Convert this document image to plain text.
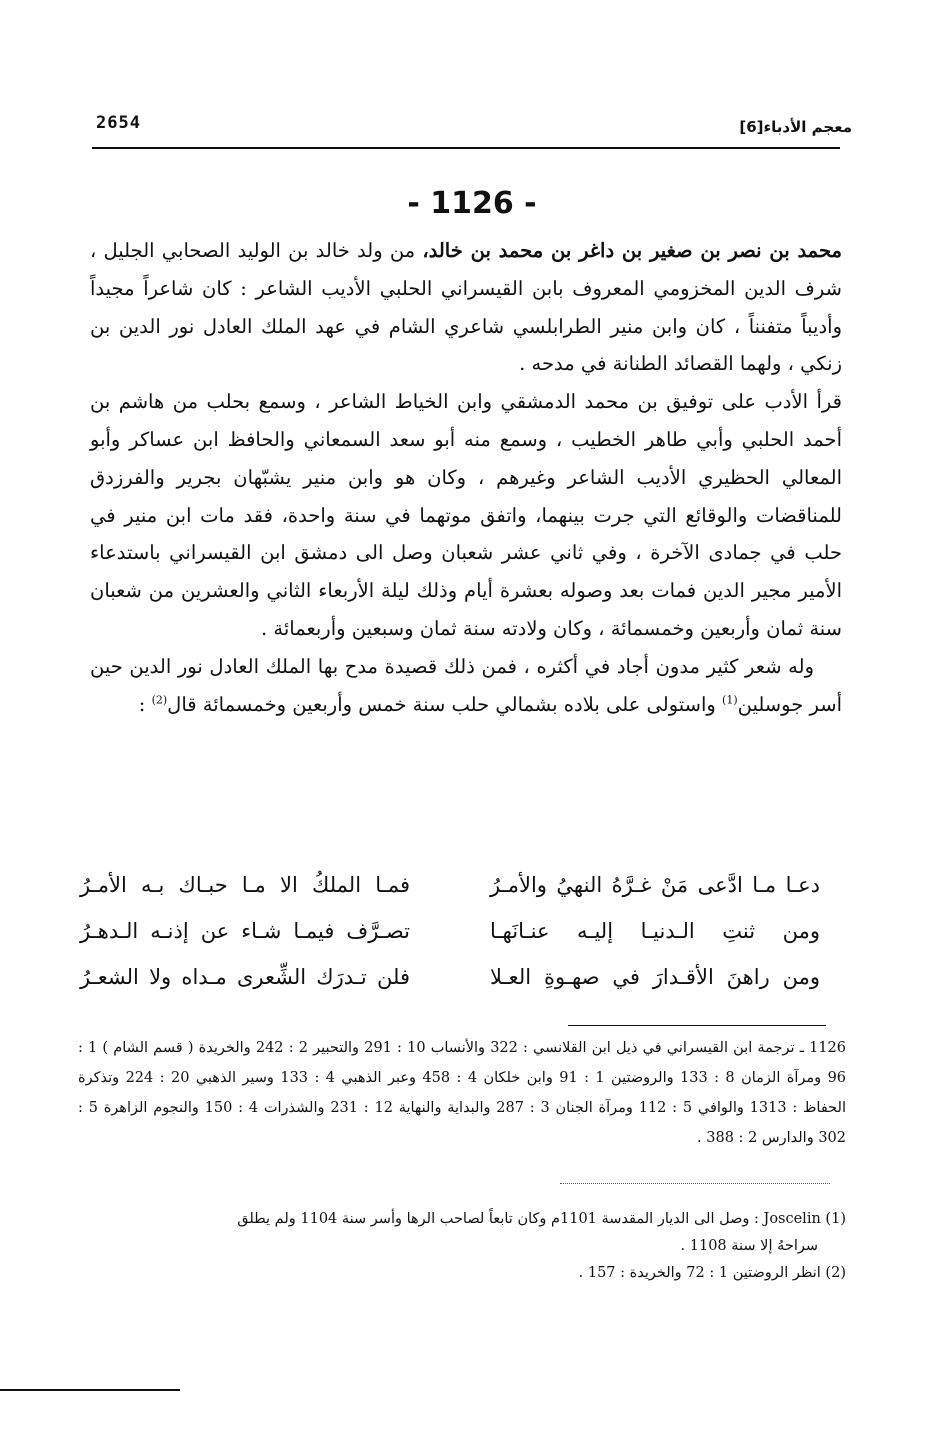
معجم الأدباء[6]
2654
- 1126 -

محمد بن نصر بن صغير بن داغر بن محمد بن خالد، من ولد خالد بن الوليد الصحابي الجليل ، شرف الدين المخزومي المعروف بابن القيسراني الحلبي الأديب الشاعر : كان شاعراً مجيداً وأديباً متفنناً ، كان وابن منير الطرابلسي شاعري الشام في عهد الملك العادل نور الدين بن زنكي ، ولهما القصائد الطنانة في مدحه .

قرأ الأدب على توفيق بن محمد الدمشقي وابن الخياط الشاعر ، وسمع بحلب من هاشم بن أحمد الحلبي وأبي طاهر الخطيب ، وسمع منه أبو سعد السمعاني والحافظ ابن عساكر وأبو المعالي الحظيري الأديب الشاعر وغيرهم ، وكان هو وابن منير يشبّهان بجرير والفرزدق للمناقضات والوقائع التي جرت بينهما، واتفق موتهما في سنة واحدة، فقد مات ابن منير في حلب في جمادى الآخرة ، وفي ثاني عشر شعبان وصل الى دمشق ابن القيسراني باستدعاء الأمير مجير الدين فمات بعد وصوله بعشرة أيام وذلك ليلة الأربعاء الثاني والعشرين من شعبان سنة ثمان وأربعين وخمسمائة ، وكان ولادته سنة ثمان وسبعين وأربعمائة .

وله شعر كثير مدون أجاد في أكثره ، فمن ذلك قصيدة مدح بها الملك العادل نور الدين حين أسر جوسلين$^{(1)}$ واستولى على بلاده بشمالي حلب سنة خمس وأربعين وخمسمائة قال$^{(2)}$ :

دعـا مـا ادَّعى مَنْ غـرَّهُ النهيُ والأمـرُ
فمـا الملكُ الا مـا حبـاك بـه الأمـرُ
ومن ثنتِ الـدنيـا إليـه عنـانَهـا
تصـرَّف فيمـا شـاء عن إذنـه الـدهـرُ
ومن راهنَ الأقـدارَ في صهـوةِ العـلا
فلن تـدرَك الشِّعرى مـداه ولا الشعـرُ

1126 ـ ترجمة ابن القيسراني في ذيل ابن القلانسي : 322 والأنساب 10 : 291 والتحبير 2 : 242 والخريدة ( قسم الشام ) 1 : 96 ومرآة الزمان 8 : 133 والروضتين 1 : 91 وابن خلكان 4 : 458 وعبر الذهبي 4 : 133 وسير الذهبي 20 : 224 وتذكرة الحفاظ : 1313 والوافي 5 : 112 ومرآة الجنان 3 : 287 والبداية والنهاية 12 : 231 والشذرات 4 : 150 والنجوم الزاهرة 5 : 302 والدارس 2 : 388 .

(1) Joscelin : وصل الى الديار المقدسة 1101م وكان تابعاً لصاحب الرها وأسر سنة 1104 ولم يطلق

سراحهُ إلا سنة 1108 .

(2) انظر الروضتين 1 : 72 والخريدة : 157 .
